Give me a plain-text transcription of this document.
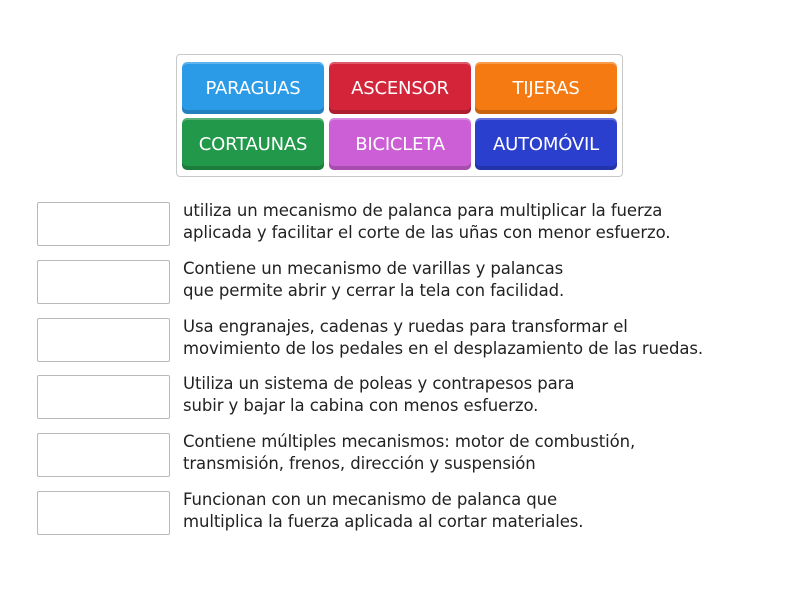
PARAGUAS	ASCENSOR	TIJERAS
CORTAUNAS	BICICLETA	AUTOMÓVIL
utiliza un mecanismo de palanca para multiplicar la fuerza
aplicada y facilitar el corte de las uñas con menor esfuerzo.
Contiene un mecanismo de varillas y palancas
que permite abrir y cerrar la tela con facilidad.
Usa engranajes, cadenas y ruedas para transformar el
movimiento de los pedales en el desplazamiento de las ruedas.
Utiliza un sistema de poleas y contrapesos para
subir y bajar la cabina con menos esfuerzo.
Contiene múltiples mecanismos: motor de combustión,
transmisión, frenos, dirección y suspensión
Funcionan con un mecanismo de palanca que
multiplica la fuerza aplicada al cortar materiales.
